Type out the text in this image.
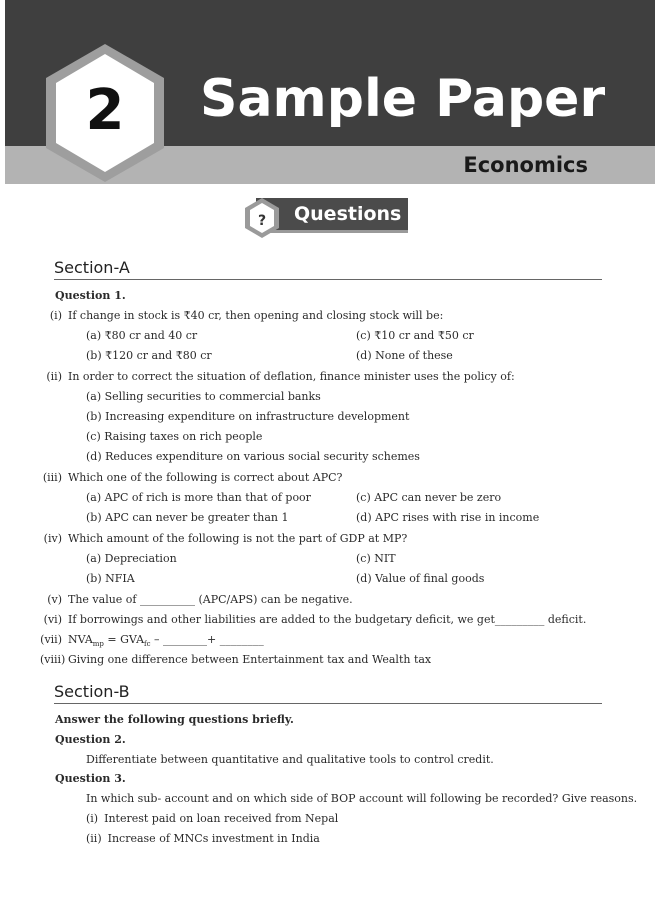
2 Sample Paper
Economics
? Questions
Section-A
Question 1.
(i) If change in stock is ₹40 cr, then opening and closing stock will be:
(a) ₹80 cr and 40 cr	(c) ₹10 cr and ₹50 cr
(b) ₹120 cr and ₹80 cr	(d) None of these
(ii) In order to correct the situation of deflation, finance minister uses the policy of:
(a) Selling securities to commercial banks
(b) Increasing expenditure on infrastructure development
(c) Raising taxes on rich people
(d) Reduces expenditure on various social security schemes
(iii) Which one of the following is correct about APC?
(a) APC of rich is more than that of poor	(c) APC can never be zero
(b) APC can never be greater than 1	(d) APC rises with rise in income
(iv) Which amount of the following is not the part of GDP at MP?
(a) Depreciation	(c) NIT
(b) NFIA	(d) Value of final goods
(v) The value of __________ (APC/APS) can be negative.
(vi) If borrowings and other liabilities are added to the budgetary deficit, we get_________ deficit.
(vii) $NVA_{mp} = GVA_{fc}$ – ________+ ________
(viii) Giving one difference between Entertainment tax and Wealth tax
Section-B
Answer the following questions briefly.
Question 2.
Differentiate between quantitative and qualitative tools to control credit.
Question 3.
In which sub- account and on which side of BOP account will following be recorded? Give reasons.
(i) Interest paid on loan received from Nepal
(ii) Increase of MNCs investment in India
